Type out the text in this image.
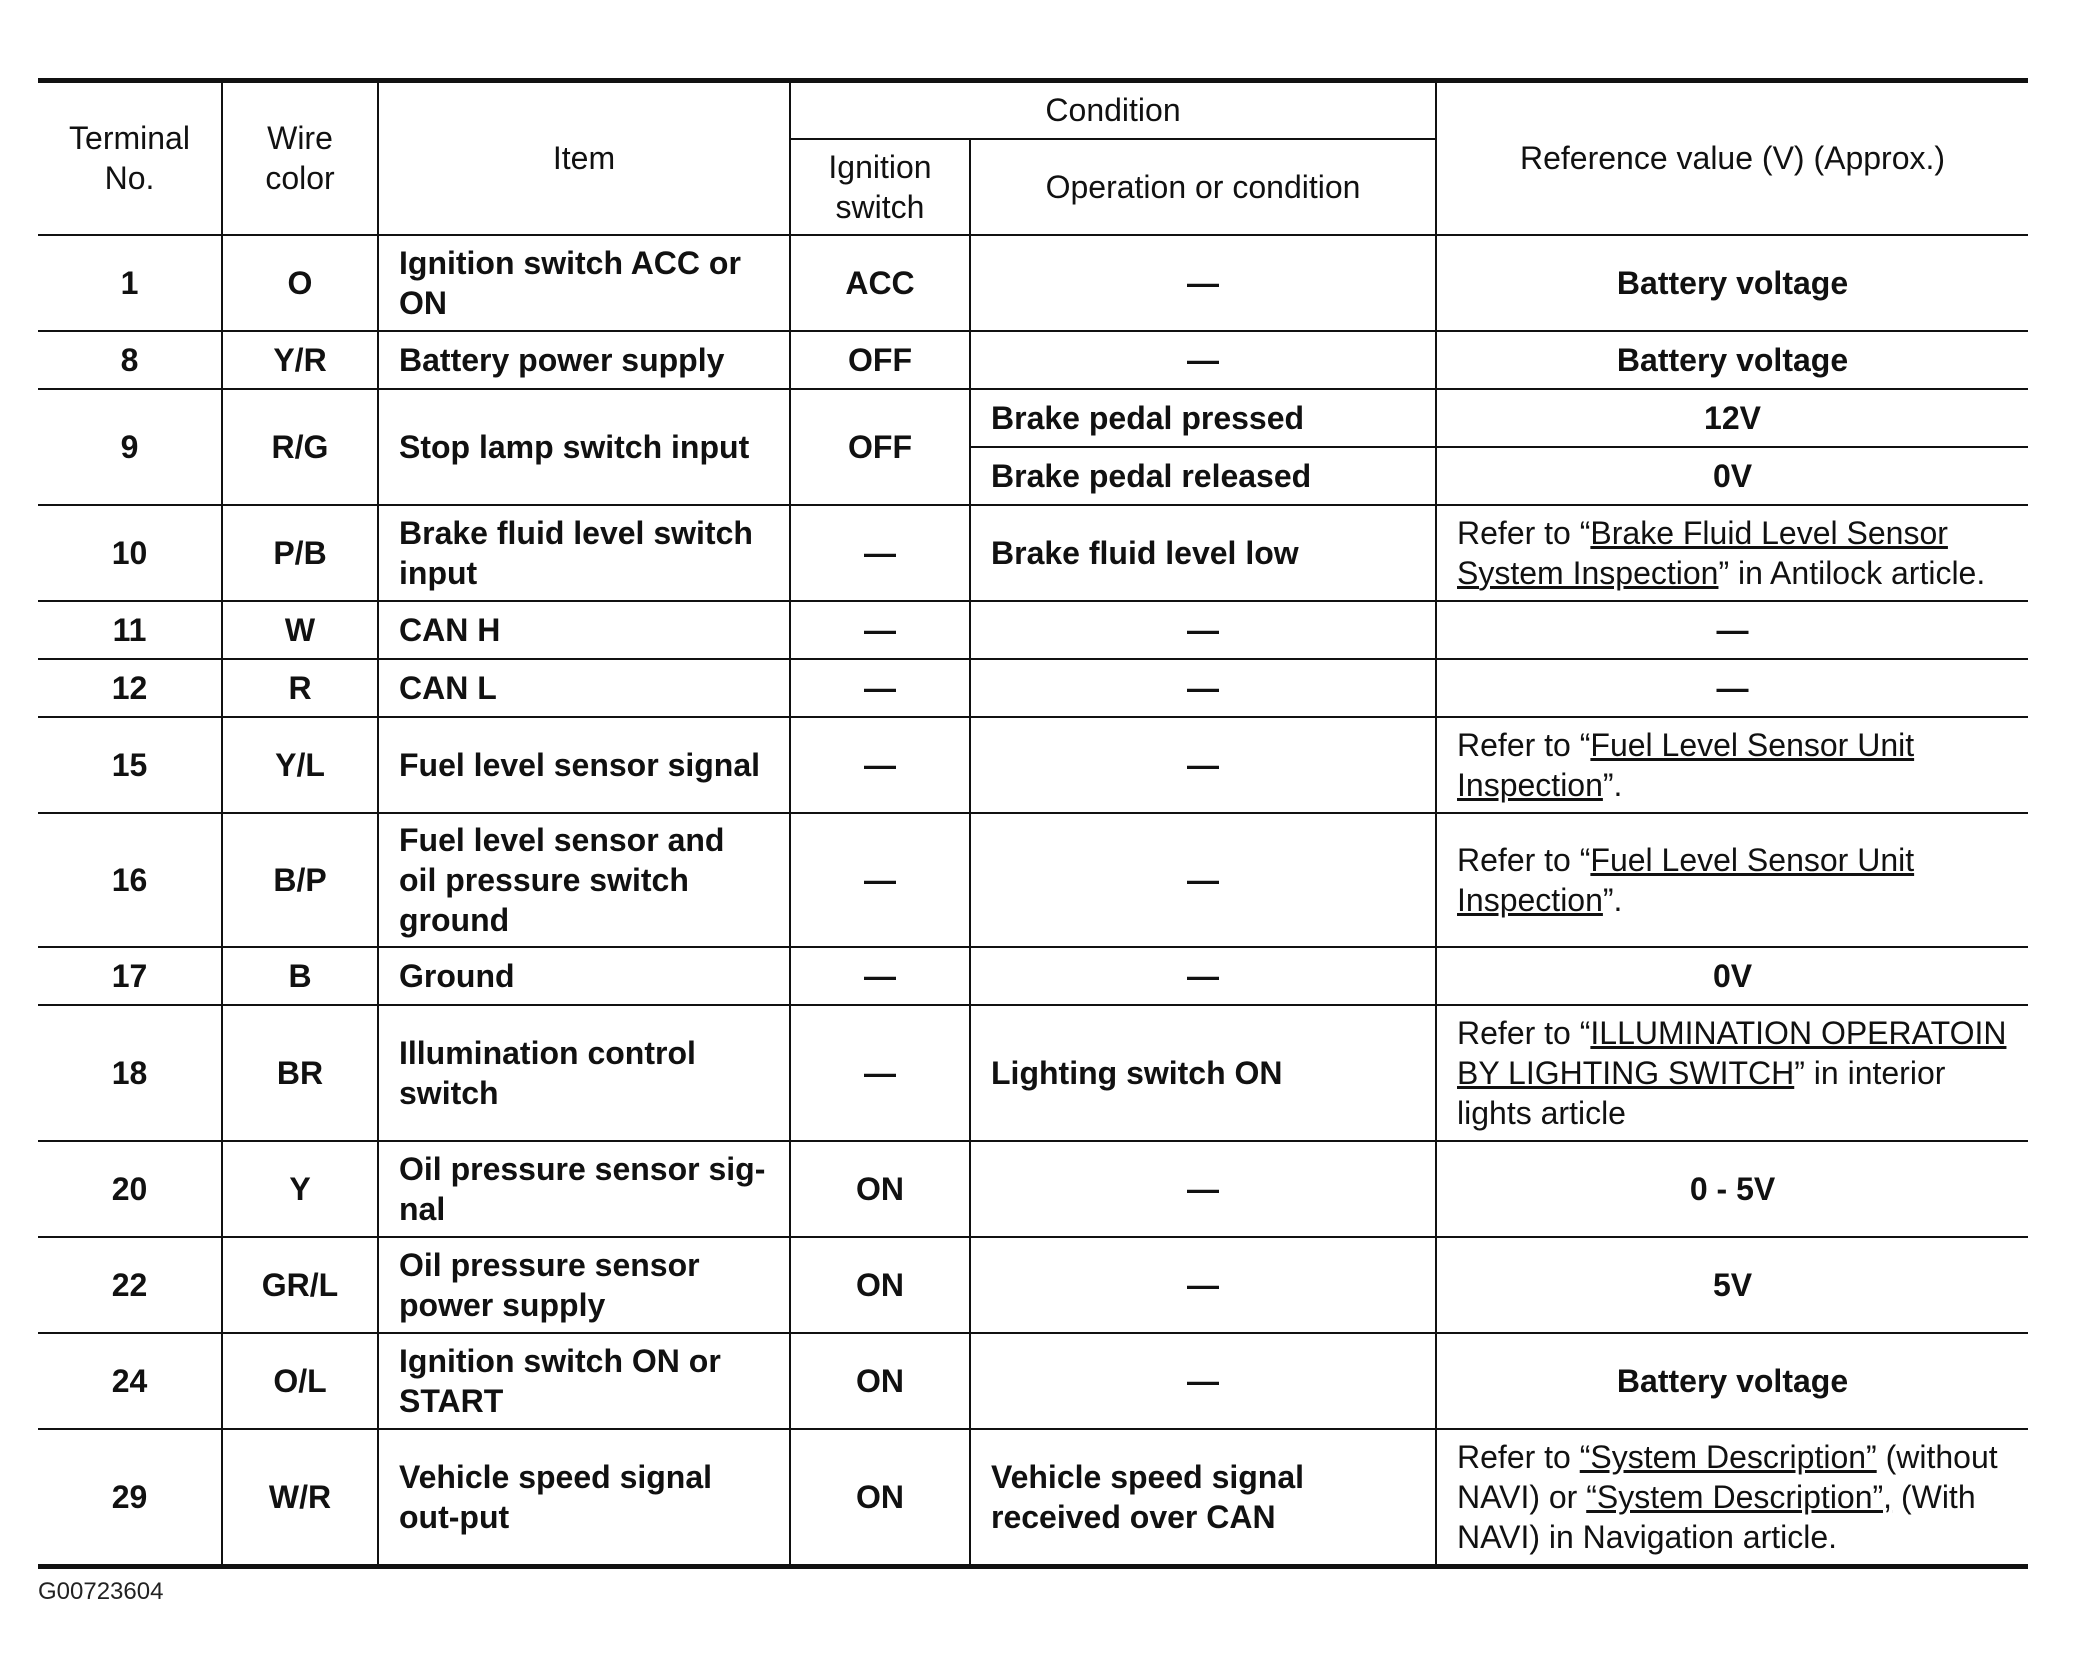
Terminal No.	Wire color	Item	Condition		Reference value (V) (Approx.)
			Ignition switch	Operation or condition	
1	O	Ignition switch ACC or ON	ACC	—	Battery voltage
8	Y/R	Battery power supply	OFF	—	Battery voltage
9	R/G	Stop lamp switch input	OFF	Brake pedal pressed	12V
				Brake pedal released	0V
10	P/B	Brake fluid level switch input	—	Brake fluid level low	Refer to “Brake Fluid Level Sensor System Inspection” in Antilock article.
11	W	CAN H	—	—	—
12	R	CAN L	—	—	—
15	Y/L	Fuel level sensor signal	—	—	Refer to “Fuel Level Sensor Unit Inspection”.
16	B/P	Fuel level sensor and oil pressure switch ground	—	—	Refer to “Fuel Level Sensor Unit Inspection”.
17	B	Ground	—	—	0V
18	BR	Illumination control switch	—	Lighting switch ON	Refer to “ILLUMINATION OPERATOIN BY LIGHTING SWITCH” in interior lights article
20	Y	Oil pressure sensor sig-nal	ON	—	0 - 5V
22	GR/L	Oil pressure sensor power supply	ON	—	5V
24	O/L	Ignition switch ON or START	ON	—	Battery voltage
29	W/R	Vehicle speed signal out-put	ON	Vehicle speed signal received over CAN	Refer to “System Description” (without NAVI) or “System Description”, (With NAVI) in Navigation article.
G00723604
